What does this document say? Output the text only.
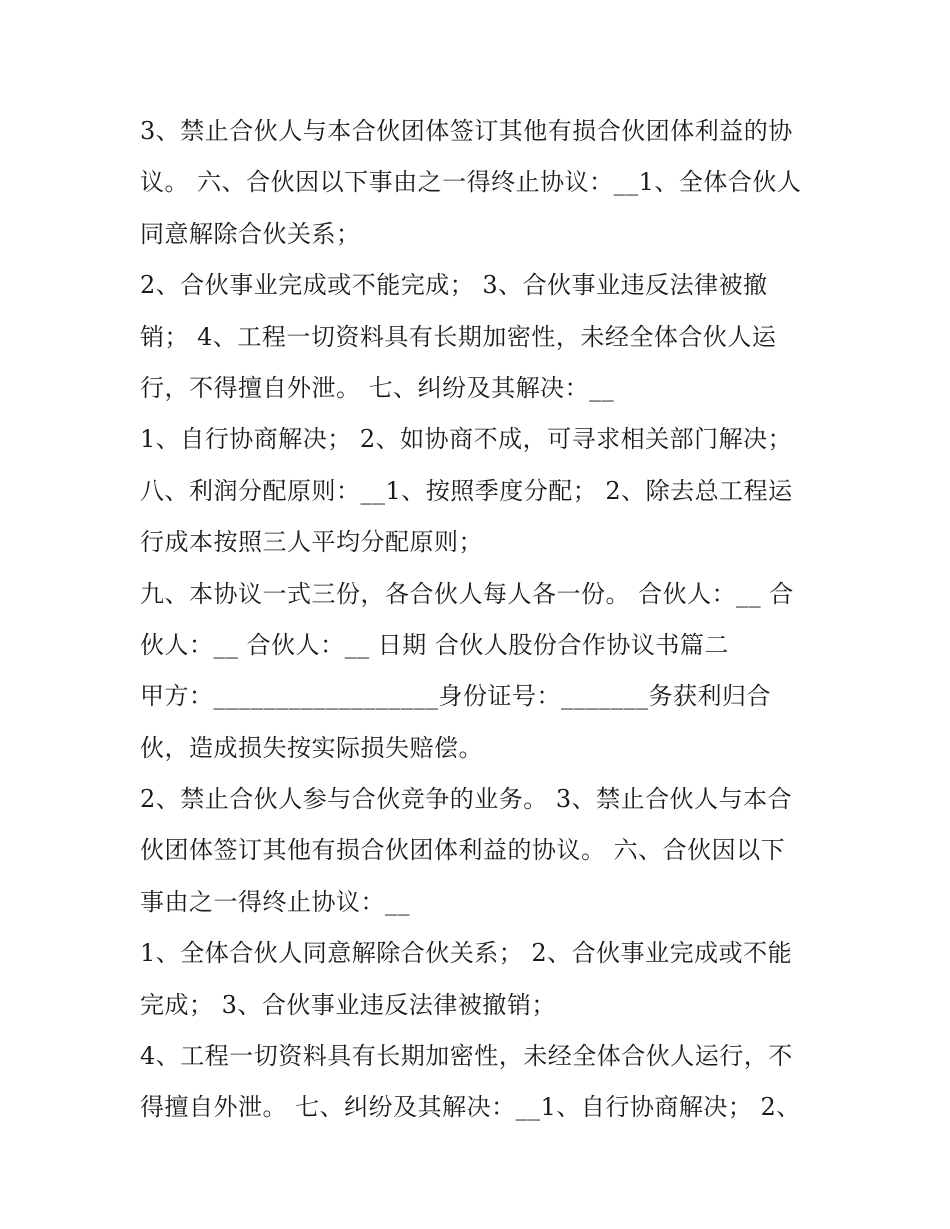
3、禁止合伙人与本合伙团体签订其他有损合伙团体利益的协
议。 六、合伙因以下事由之一得终止协议：__1、全体合伙人
同意解除合伙关系；
2、合伙事业完成或不能完成； 3、合伙事业违反法律被撤
销； 4、工程一切资料具有长期加密性，未经全体合伙人运
行，不得擅自外泄。 七、纠纷及其解决：__
1、自行协商解决； 2、如协商不成，可寻求相关部门解决；
八、利润分配原则：__1、按照季度分配； 2、除去总工程运
行成本按照三人平均分配原则；
九、本协议一式三份，各合伙人每人各一份。 合伙人：__ 合
伙人：__ 合伙人：__ 日期 合伙人股份合作协议书篇二
甲方：__________________身份证号：_______务获利归合
伙，造成损失按实际损失赔偿。
2、禁止合伙人参与合伙竞争的业务。 3、禁止合伙人与本合
伙团体签订其他有损合伙团体利益的协议。 六、合伙因以下
事由之一得终止协议：__
1、全体合伙人同意解除合伙关系； 2、合伙事业完成或不能
完成； 3、合伙事业违反法律被撤销；
4、工程一切资料具有长期加密性，未经全体合伙人运行，不
得擅自外泄。 七、纠纷及其解决：__1、自行协商解决； 2、
